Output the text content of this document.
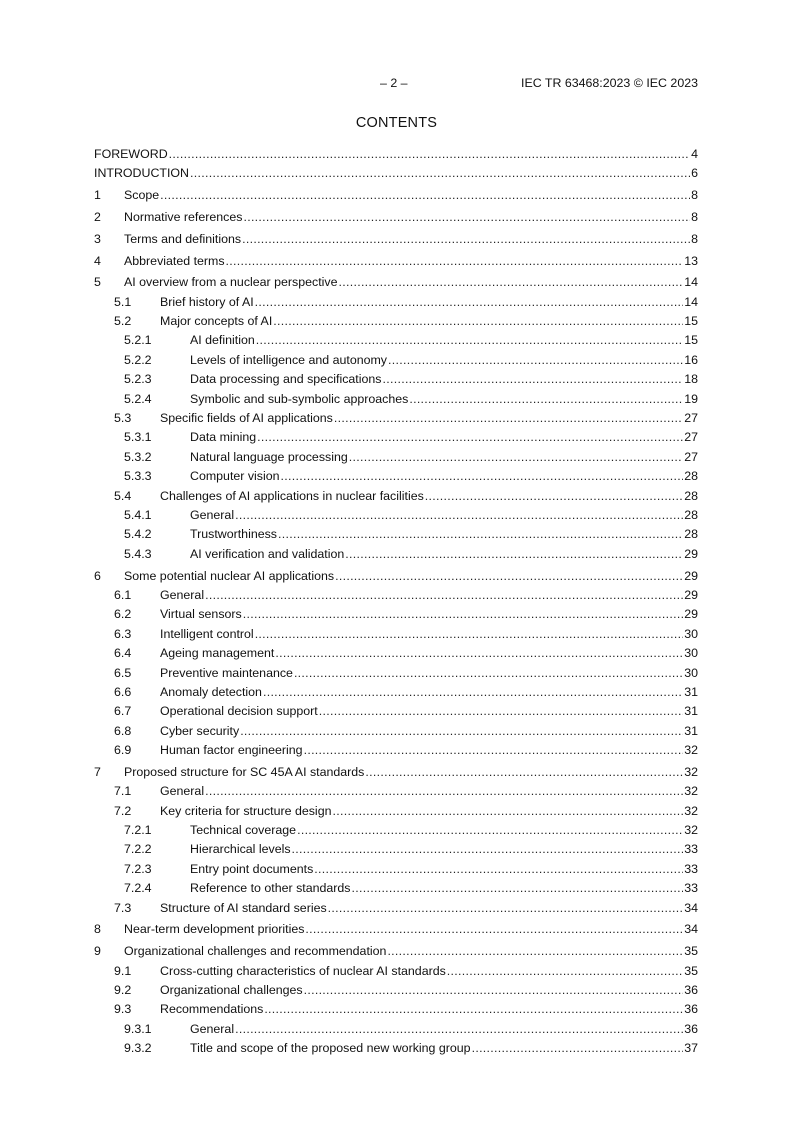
– 2 –	IEC TR 63468:2023 © IEC 2023
CONTENTS
FOREWORD .....	4
INTRODUCTION .....	6
1	Scope .....	8
2	Normative references .....	8
3	Terms and definitions .....	8
4	Abbreviated terms .....	13
5	AI overview from a nuclear perspective .....	14
5.1	Brief history of AI .....	14
5.2	Major concepts of AI .....	15
5.2.1	AI definition .....	15
5.2.2	Levels of intelligence and autonomy .....	16
5.2.3	Data processing and specifications .....	18
5.2.4	Symbolic and sub-symbolic approaches .....	19
5.3	Specific fields of AI applications .....	27
5.3.1	Data mining .....	27
5.3.2	Natural language processing .....	27
5.3.3	Computer vision .....	28
5.4	Challenges of AI applications in nuclear facilities .....	28
5.4.1	General .....	28
5.4.2	Trustworthiness .....	28
5.4.3	AI verification and validation .....	29
6	Some potential nuclear AI applications .....	29
6.1	General .....	29
6.2	Virtual sensors .....	29
6.3	Intelligent control .....	30
6.4	Ageing management .....	30
6.5	Preventive maintenance .....	30
6.6	Anomaly detection .....	31
6.7	Operational decision support .....	31
6.8	Cyber security .....	31
6.9	Human factor engineering .....	32
7	Proposed structure for SC 45A AI standards .....	32
7.1	General .....	32
7.2	Key criteria for structure design .....	32
7.2.1	Technical coverage .....	32
7.2.2	Hierarchical levels .....	33
7.2.3	Entry point documents .....	33
7.2.4	Reference to other standards .....	33
7.3	Structure of AI standard series .....	34
8	Near-term development priorities .....	34
9	Organizational challenges and recommendation .....	35
9.1	Cross-cutting characteristics of nuclear AI standards .....	35
9.2	Organizational challenges .....	36
9.3	Recommendations .....	36
9.3.1	General .....	36
9.3.2	Title and scope of the proposed new working group .....	37
